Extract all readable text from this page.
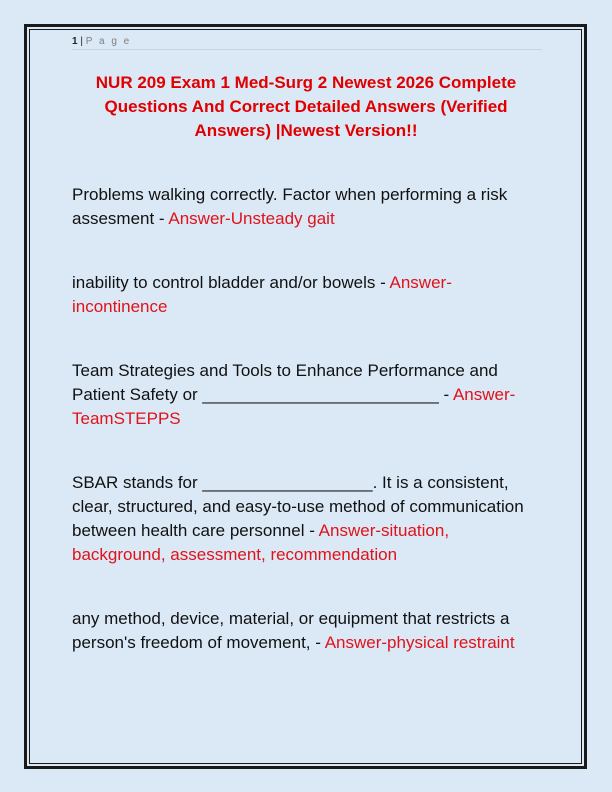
1 | P a g e
NUR 209 Exam 1 Med-Surg 2 Newest 2026 Complete Questions And Correct Detailed Answers (Verified Answers) |Newest Version!!
Problems walking correctly. Factor when performing a risk assesment - Answer-Unsteady gait
inability to control bladder and/or bowels - Answer-incontinence
Team Strategies and Tools to Enhance Performance and Patient Safety or _________________________ - Answer-TeamSTEPPS
SBAR stands for __________________. It is a consistent, clear, structured, and easy-to-use method of communication between health care personnel - Answer-situation, background, assessment, recommendation
any method, device, material, or equipment that restricts a person's freedom of movement, - Answer-physical restraint
